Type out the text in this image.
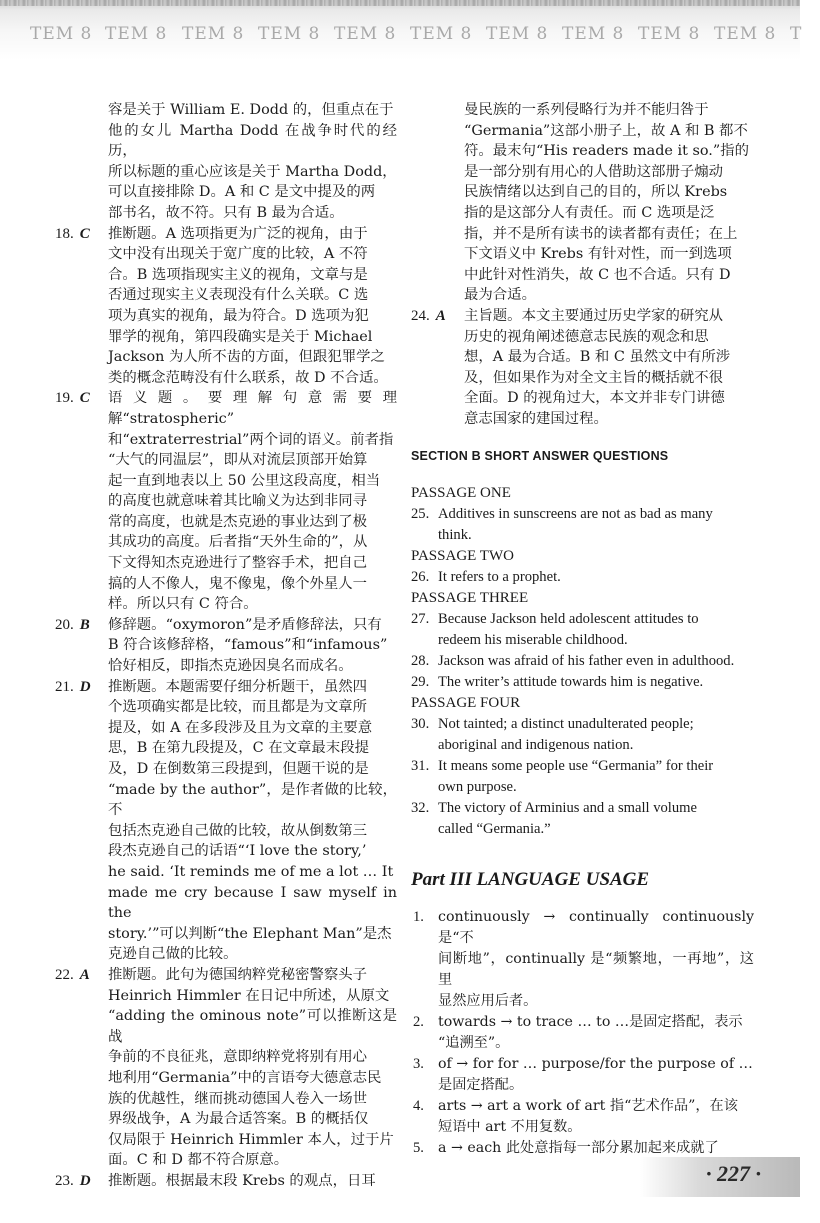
TEM 8 TEM 8 TEM 8 TEM 8 TEM 8 TEM 8 TEM 8 TEM 8 TEM 8 TEM 8 T

容是关于 William E. Dodd 的，但重点在于

他的女儿 Martha Dodd 在战争时代的经历，

所以标题的重心应该是关于 Martha Dodd，

可以直接排除 D。A 和 C 是文中提及的两

部书名，故不符。只有 B 最为合适。

18. C	推断题。A 选项指更为广泛的视角，由于

文中没有出现关于宽广度的比较，A 不符

合。B 选项指现实主义的视角，文章与是

否通过现实主义表现没有什么关联。C 选

项为真实的视角，最为符合。D 选项为犯

罪学的视角，第四段确实是关于 Michael

Jackson 为人所不齿的方面，但跟犯罪学之

类的概念范畴没有什么联系，故 D 不合适。

19. C	语义题。要理解句意需要理解“stratospheric”

和“extraterrestrial”两个词的语义。前者指

“大气的同温层”，即从对流层顶部开始算

起一直到地表以上 50 公里这段高度，相当

的高度也就意味着其比喻义为达到非同寻

常的高度，也就是杰克逊的事业达到了极

其成功的高度。后者指“天外生命的”，从

下文得知杰克逊进行了整容手术，把自己

搞的人不像人，鬼不像鬼，像个外星人一

样。所以只有 C 符合。

20. B	修辞题。“oxymoron”是矛盾修辞法，只有

B 符合该修辞格，“famous”和“infamous”

恰好相反，即指杰克逊因臭名而成名。

21. D	推断题。本题需要仔细分析题干，虽然四

个选项确实都是比较，而且都是为文章所

提及，如 A 在多段涉及且为文章的主要意

思，B 在第九段提及，C 在文章最末段提

及，D 在倒数第三段提到，但题干说的是

“made by the author”，是作者做的比较，不

包括杰克逊自己做的比较，故从倒数第三

段杰克逊自己的话语“‘I love the story,’

he said. ‘It reminds me of me a lot … It

made me cry because I saw myself in the

story.’”可以判断“the Elephant Man”是杰

克逊自己做的比较。

22. A	推断题。此句为德国纳粹党秘密警察头子

Heinrich Himmler 在日记中所述，从原文

“adding the ominous note”可以推断这是战

争前的不良征兆，意即纳粹党将别有用心

地利用“Germania”中的言语夸大德意志民

族的优越性，继而挑动德国人卷入一场世

界级战争，A 为最合适答案。B 的概括仅

仅局限于 Heinrich Himmler 本人，过于片

面。C 和 D 都不符合原意。

23. D	推断题。根据最末段 Krebs 的观点，日耳

曼民族的一系列侵略行为并不能归咎于

“Germania”这部小册子上，故 A 和 B 都不

符。最末句“His readers made it so.”指的

是一部分别有用心的人借助这部册子煽动

民族情绪以达到自己的目的，所以 Krebs

指的是这部分人有责任。而 C 选项是泛

指，并不是所有读书的读者都有责任；在上

下文语义中 Krebs 有针对性，而一到选项

中此针对性消失，故 C 也不合适。只有 D

最为合适。

24. A	主旨题。本文主要通过历史学家的研究从

历史的视角阐述德意志民族的观念和思

想，A 最为合适。B 和 C 虽然文中有所涉

及，但如果作为对全文主旨的概括就不很

全面。D 的视角过大，本文并非专门讲德

意志国家的建国过程。

SECTION B SHORT ANSWER QUESTIONS

PASSAGE ONE

25. Additives in sunscreens are not as bad as many
think.

PASSAGE TWO

26. It refers to a prophet.

PASSAGE THREE

27. Because Jackson held adolescent attitudes to
redeem his miserable childhood.
28. Jackson was afraid of his father even in adulthood.
29. The writer’s attitude towards him is negative.

PASSAGE FOUR

30. Not tainted; a distinct unadulterated people;
aboriginal and indigenous nation.
31. It means some people use “Germania” for their
own purpose.
32. The victory of Arminius and a small volume
called “Germania.”
Part III LANGUAGE USAGE
1. continuously → continually continuously 是“不
间断地”，continually 是“频繁地，一再地”，这里
显然应用后者。
2. towards → to trace … to …是固定搭配，表示
“追溯至”。
3. of → for for … purpose/for the purpose of …
是固定搭配。
4. arts → art a work of art 指“艺术作品”，在该
短语中 art 不用复数。
5. a → each 此处意指每一部分累加起来成就了
· 227 ·
